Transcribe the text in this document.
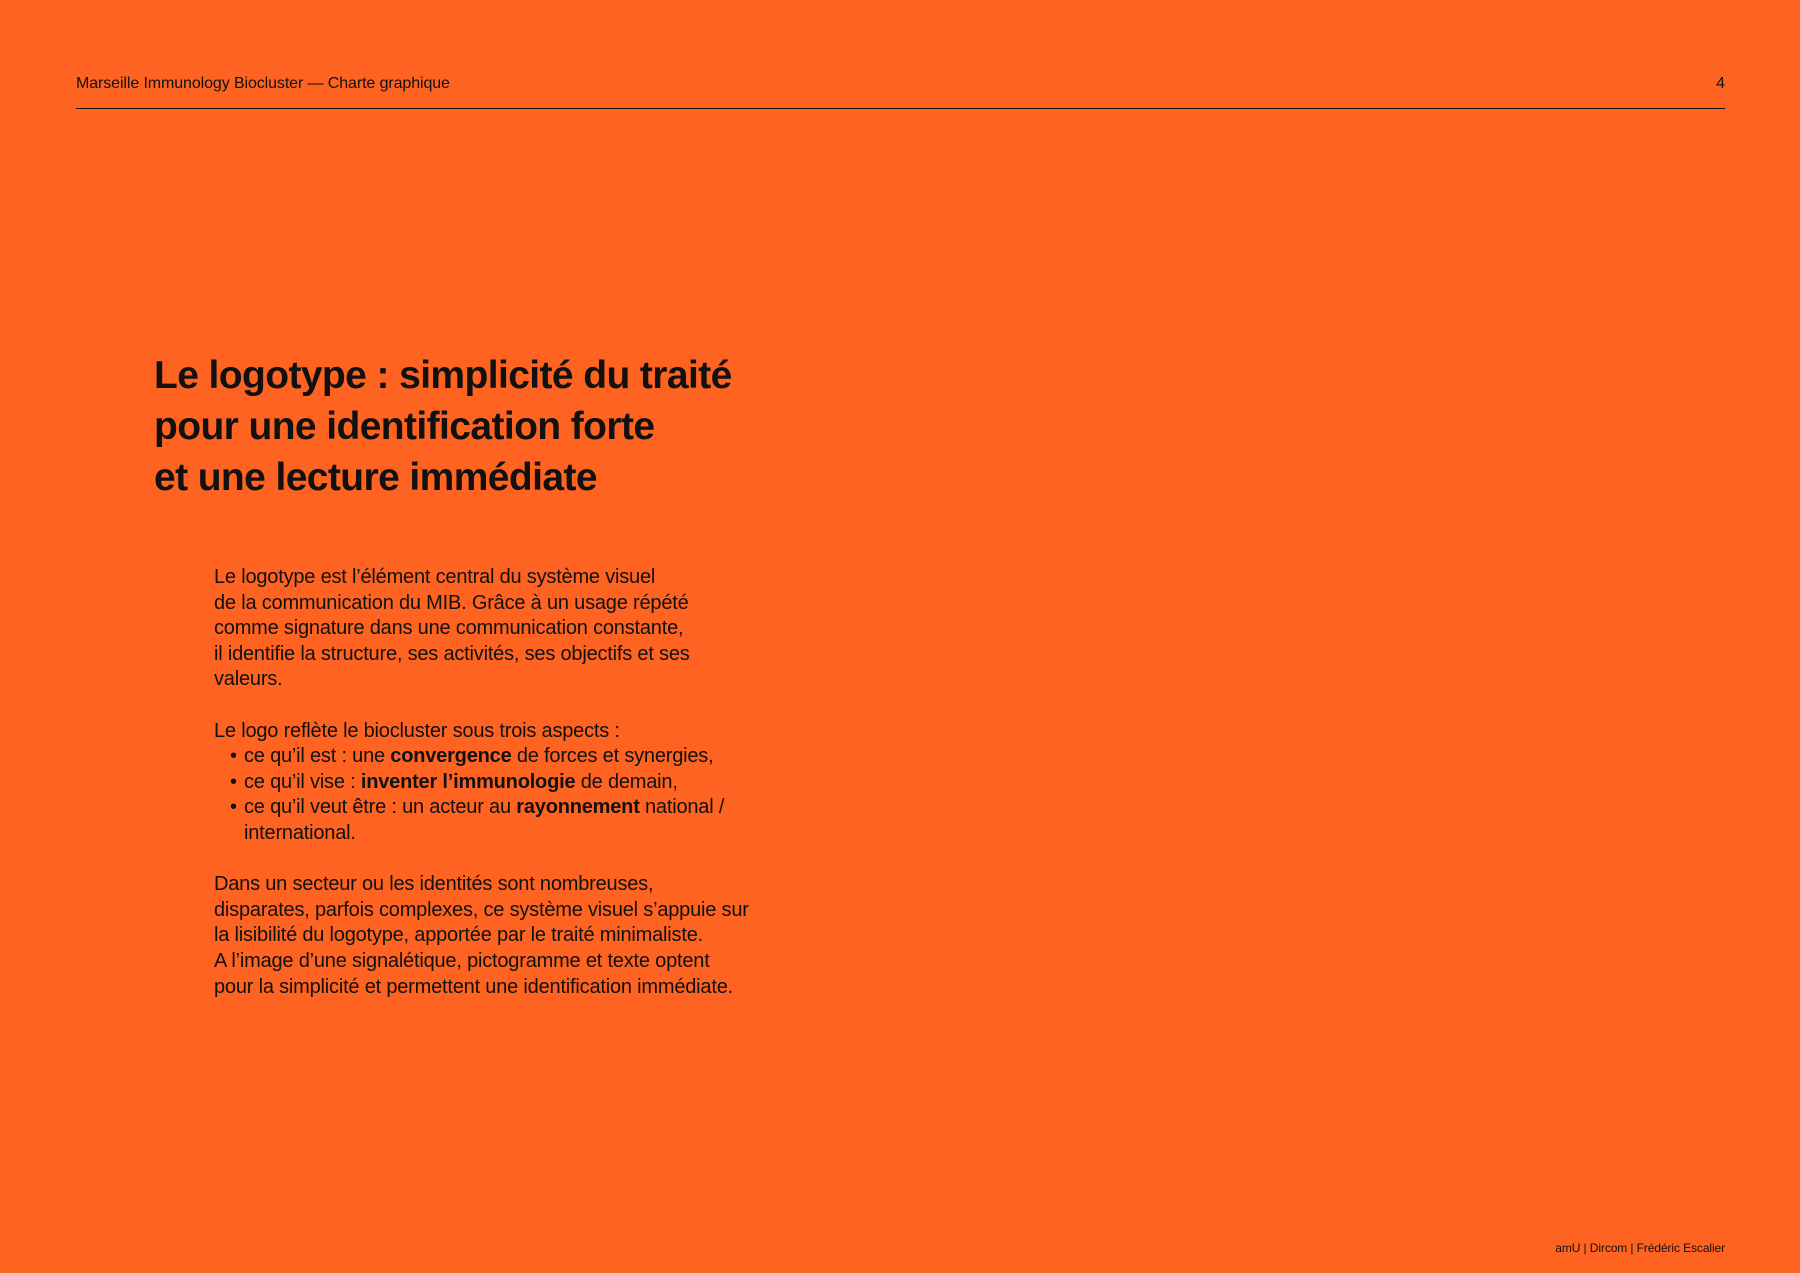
Marseille Immunology Biocluster — Charte graphique	4
Le logotype : simplicité du traité
pour une identification forte
et une lecture immédiate
Le logotype est l’élément central du système visuel
de la communication du MIB. Grâce à un usage répété
comme signature dans une communication constante,
il identifie la structure, ses activités, ses objectifs et ses
valeurs.
Le logo reflète le biocluster sous trois aspects :
• ce qu’il est : une convergence de forces et synergies,
• ce qu’il vise : inventer l’immunologie de demain,
• ce qu’il veut être : un acteur au rayonnement national /
international.
Dans un secteur ou les identités sont nombreuses,
disparates, parfois complexes, ce système visuel s’appuie sur
la lisibilité du logotype, apportée par le traité minimaliste.
A l’image d’une signalétique, pictogramme et texte optent
pour la simplicité et permettent une identification immédiate.
amU | Dircom | Frédéric Escalier
